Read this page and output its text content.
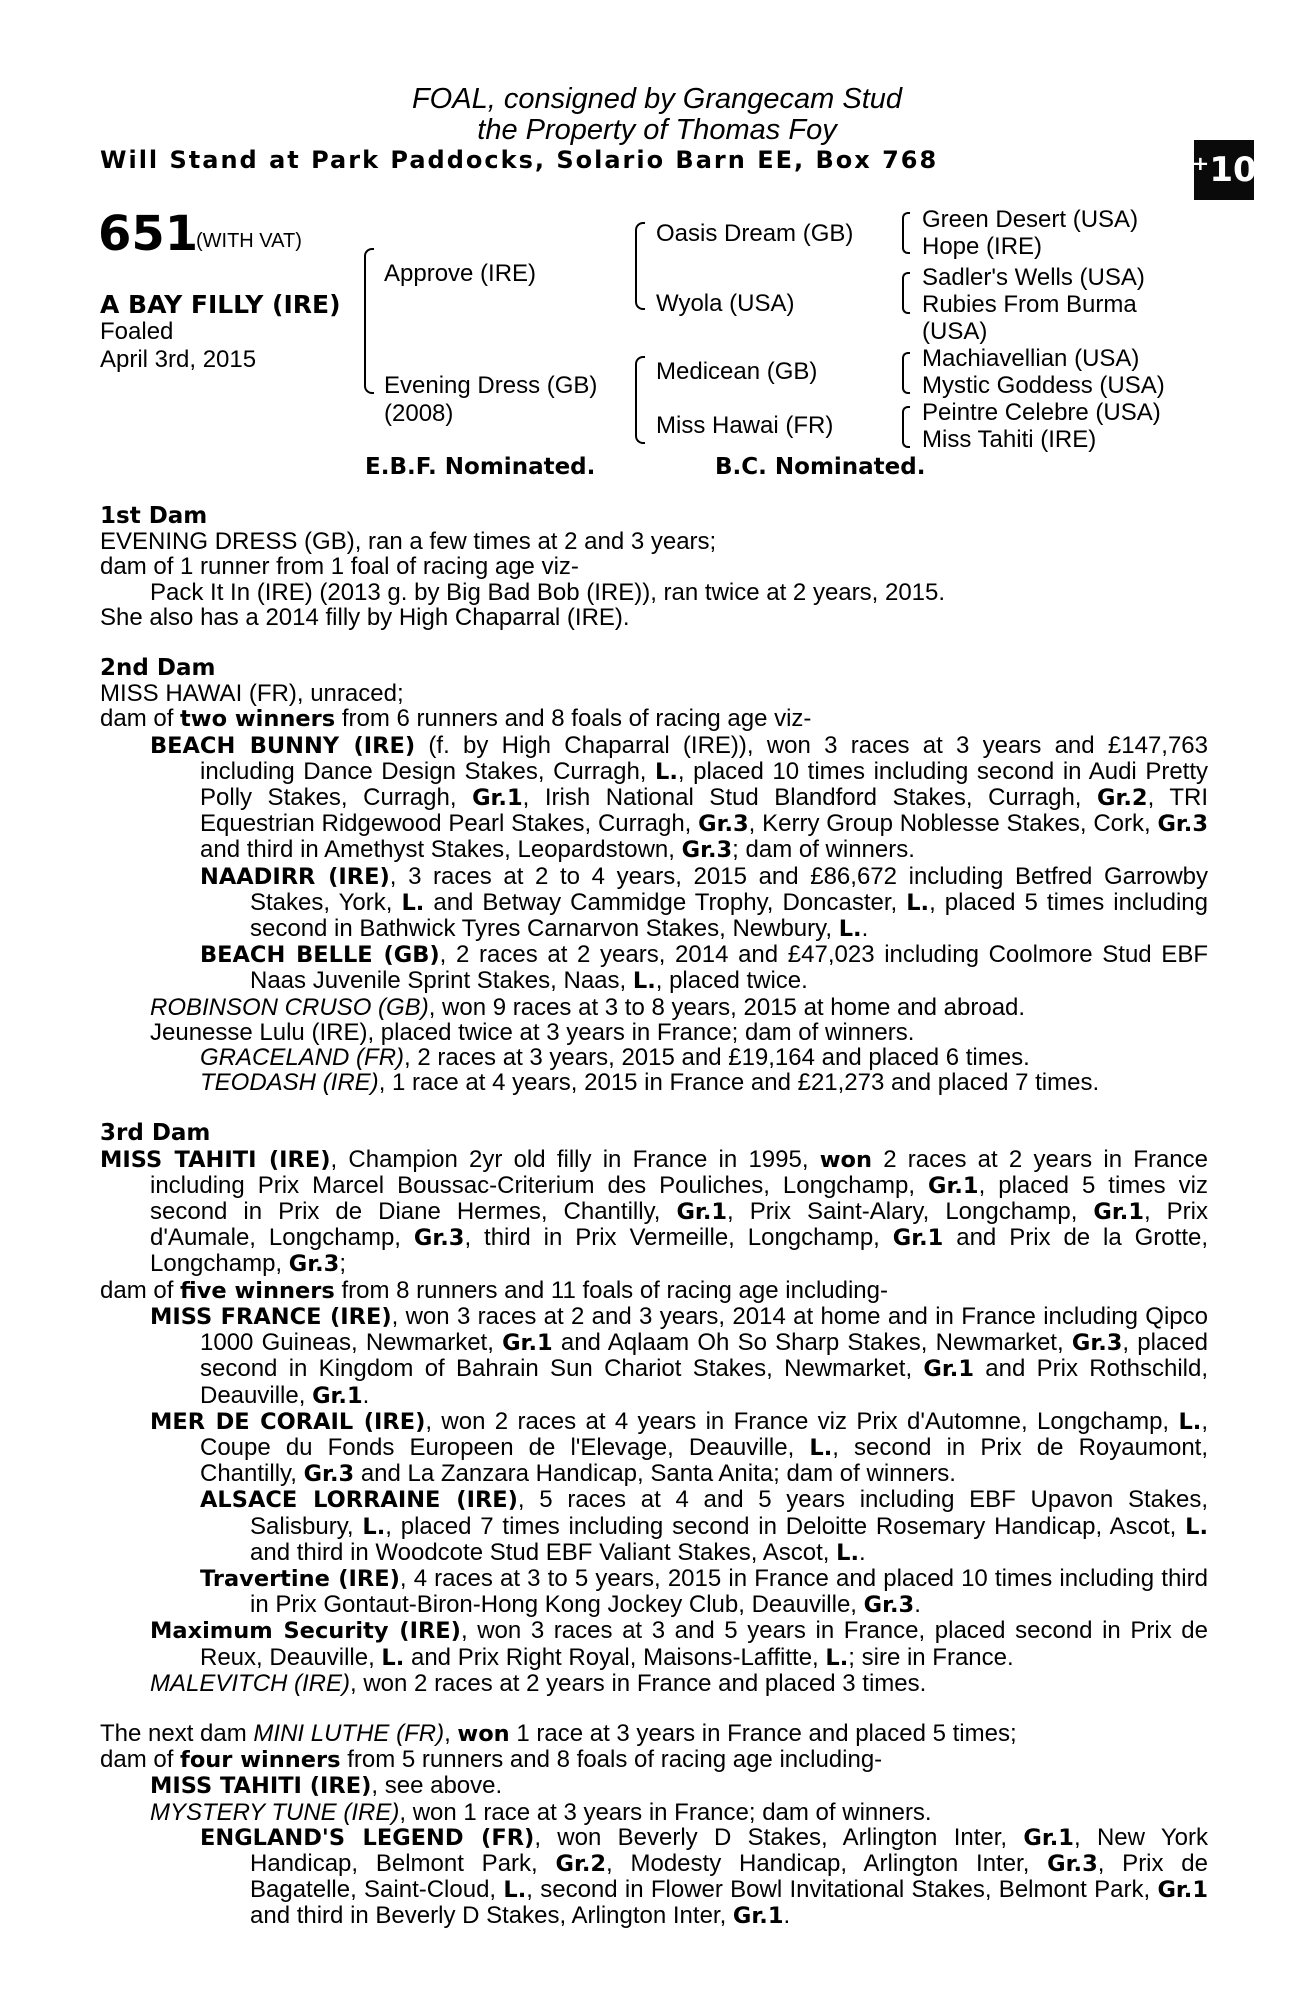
FOAL, consigned by Grangecam Stud
the Property of Thomas Foy
Will Stand at Park Paddocks, Solario Barn EE, Box 768	⁺10
651
(WITH VAT)
A BAY FILLY (IRE)
Foaled
April 3rd, 2015
Approve (IRE)
Evening Dress (GB)
(2008)
Oasis Dream (GB)
Wyola (USA)
Medicean (GB)
Miss Hawai (FR)
Green Desert (USA)
Hope (IRE)
Sadler's Wells (USA)
Rubies From Burma
(USA)
Machiavellian (USA)
Mystic Goddess (USA)
Peintre Celebre (USA)
Miss Tahiti (IRE)
E.B.F. Nominated.	B.C. Nominated.
1st Dam
EVENING DRESS (GB), ran a few times at 2 and 3 years;
dam of 1 runner from 1 foal of racing age viz-
Pack It In (IRE) (2013 g. by Big Bad Bob (IRE)), ran twice at 2 years, 2015.
She also has a 2014 filly by High Chaparral (IRE).
2nd Dam
MISS HAWAI (FR), unraced;
dam of two winners from 6 runners and 8 foals of racing age viz-
BEACH BUNNY (IRE) (f. by High Chaparral (IRE)), won 3 races at 3 years and £147,763 including Dance Design Stakes, Curragh, L., placed 10 times including second in Audi Pretty Polly Stakes, Curragh, Gr.1, Irish National Stud Blandford Stakes, Curragh, Gr.2, TRI Equestrian Ridgewood Pearl Stakes, Curragh, Gr.3, Kerry Group Noblesse Stakes, Cork, Gr.3 and third in Amethyst Stakes, Leopardstown, Gr.3; dam of winners.
NAADIRR (IRE), 3 races at 2 to 4 years, 2015 and £86,672 including Betfred Garrowby Stakes, York, L. and Betway Cammidge Trophy, Doncaster, L., placed 5 times including second in Bathwick Tyres Carnarvon Stakes, Newbury, L..
BEACH BELLE (GB), 2 races at 2 years, 2014 and £47,023 including Coolmore Stud EBF Naas Juvenile Sprint Stakes, Naas, L., placed twice.
ROBINSON CRUSO (GB), won 9 races at 3 to 8 years, 2015 at home and abroad.
Jeunesse Lulu (IRE), placed twice at 3 years in France; dam of winners.
GRACELAND (FR), 2 races at 3 years, 2015 and £19,164 and placed 6 times.
TEODASH (IRE), 1 race at 4 years, 2015 in France and £21,273 and placed 7 times.
3rd Dam
MISS TAHITI (IRE), Champion 2yr old filly in France in 1995, won 2 races at 2 years in France including Prix Marcel Boussac-Criterium des Pouliches, Longchamp, Gr.1, placed 5 times viz second in Prix de Diane Hermes, Chantilly, Gr.1, Prix Saint-Alary, Longchamp, Gr.1, Prix d'Aumale, Longchamp, Gr.3, third in Prix Vermeille, Longchamp, Gr.1 and Prix de la Grotte, Longchamp, Gr.3;
dam of five winners from 8 runners and 11 foals of racing age including-
MISS FRANCE (IRE), won 3 races at 2 and 3 years, 2014 at home and in France including Qipco 1000 Guineas, Newmarket, Gr.1 and Aqlaam Oh So Sharp Stakes, Newmarket, Gr.3, placed second in Kingdom of Bahrain Sun Chariot Stakes, Newmarket, Gr.1 and Prix Rothschild, Deauville, Gr.1.
MER DE CORAIL (IRE), won 2 races at 4 years in France viz Prix d'Automne, Longchamp, L., Coupe du Fonds Europeen de l'Elevage, Deauville, L., second in Prix de Royaumont, Chantilly, Gr.3 and La Zanzara Handicap, Santa Anita; dam of winners.
ALSACE LORRAINE (IRE), 5 races at 4 and 5 years including EBF Upavon Stakes, Salisbury, L., placed 7 times including second in Deloitte Rosemary Handicap, Ascot, L. and third in Woodcote Stud EBF Valiant Stakes, Ascot, L..
Travertine (IRE), 4 races at 3 to 5 years, 2015 in France and placed 10 times including third in Prix Gontaut-Biron-Hong Kong Jockey Club, Deauville, Gr.3.
Maximum Security (IRE), won 3 races at 3 and 5 years in France, placed second in Prix de Reux, Deauville, L. and Prix Right Royal, Maisons-Laffitte, L.; sire in France.
MALEVITCH (IRE), won 2 races at 2 years in France and placed 3 times.
The next dam MINI LUTHE (FR), won 1 race at 3 years in France and placed 5 times;
dam of four winners from 5 runners and 8 foals of racing age including-
MISS TAHITI (IRE), see above.
MYSTERY TUNE (IRE), won 1 race at 3 years in France; dam of winners.
ENGLAND'S LEGEND (FR), won Beverly D Stakes, Arlington Inter, Gr.1, New York Handicap, Belmont Park, Gr.2, Modesty Handicap, Arlington Inter, Gr.3, Prix de Bagatelle, Saint-Cloud, L., second in Flower Bowl Invitational Stakes, Belmont Park, Gr.1 and third in Beverly D Stakes, Arlington Inter, Gr.1.
